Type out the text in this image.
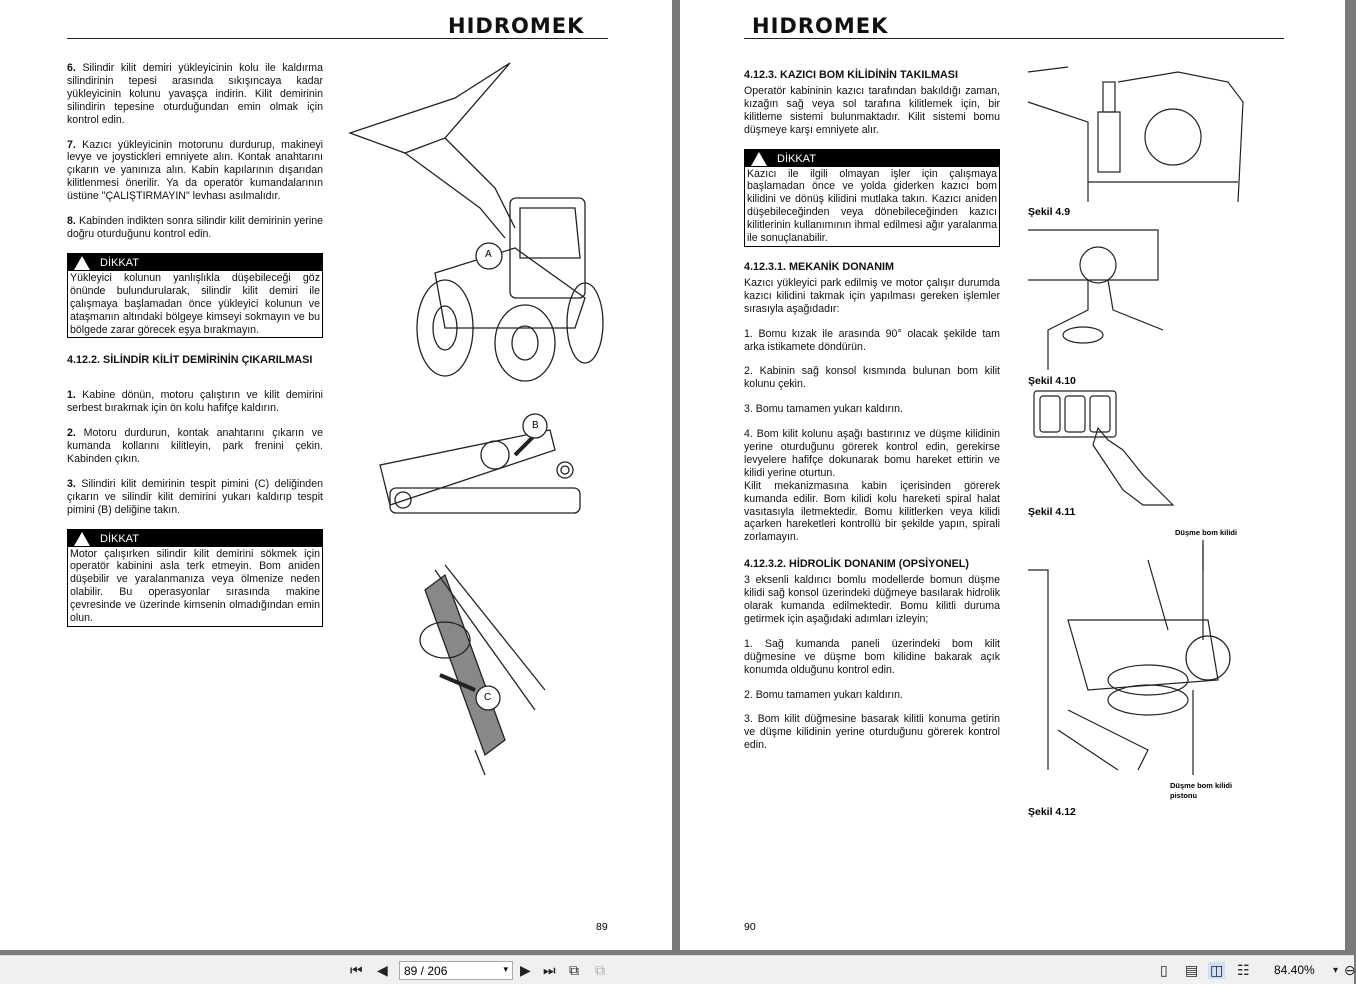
HIDROMEK

6. Silindir kilit demiri yükleyicinin kolu ile kaldırma silindirinin tepesi arasında sıkışıncaya kadar yükleyicinin kolunu yavaşça indirin. Kilit demirinin silindirin tepesine oturduğundan emin olmak için kontrol edin.

7. Kazıcı yükleyicinin motorunu durdurup, makineyi levye ve joystickleri emniyete alın. Kontak anahtarını çıkarın ve yanınıza alın. Kabin kapılarının dışarıdan kilitlenmesi önerilir. Ya da operatör kumandalarının üstüne "ÇALIŞTIRMAYIN" levhası asılmalıdır.

8. Kabinden indikten sonra silindir kilit demirinin yerine doğru oturduğunu kontrol edin.

DİKKAT
Yükleyici kolunun yanlışlıkla düşebileceği göz önünde bulundurularak, silindir kilit demiri ile çalışmaya başlamadan önce yükleyici kolunun ve ataşmanın altındaki bölgeye kimseyi sokmayın ve bu bölgede zarar görecek eşya bırakmayın.
4.12.2. SİLİNDİR KİLİT DEMİRİNİN ÇIKARILMASI

1. Kabine dönün, motoru çalıştırın ve kilit demirini serbest bırakmak için ön kolu hafifçe kaldırın.

2. Motoru durdurun, kontak anahtarını çıkarın ve kumanda kollarını kilitleyin, park frenini çekin. Kabinden çıkın.

3. Silindiri kilit demirinin tespit pimini (C) deliğinden çıkarın ve silindir kilit demirini yukarı kaldırıp tespit pimini (B) deliğine takın.

DİKKAT
Motor çalışırken silindir kilit demirini sökmek için operatör kabinini asla terk etmeyin. Bom aniden düşebilir ve yaralanmanıza veya ölmenize neden olabilir. Bu operasyonlar sırasında makine çevresinde ve üzerinde kimsenin olmadığından emin olun.
A
B
C
89
HIDROMEK
4.12.3. KAZICI BOM KİLİDİNİN TAKILMASI

Operatör kabininin kazıcı tarafından bakıldığı zaman, kızağın sağ veya sol tarafına kilitlemek için, bir kilitleme sistemi bulunmaktadır. Kilit sistemi bomu düşmeye karşı emniyete alır.

DİKKAT
Kazıcı ile ilgili olmayan işler için çalışmaya başlamadan önce ve yolda giderken kazıcı bom kilidini ve dönüş kilidini mutlaka takın. Kazıcı aniden düşebileceğinden veya dönebileceğinden kazıcı kilitlerinin kullanımının ihmal edilmesi ağır yaralanma ile sonuçlanabilir.
4.12.3.1. MEKANİK DONANIM

Kazıcı yükleyici park edilmiş ve motor çalışır durumda kazıcı kilidini takmak için yapılması gereken işlemler sırasıyla aşağıdadır:

1. Bomu kızak ile arasında 90° olacak şekilde tam arka istikamete döndürün.

2. Kabinin sağ konsol kısmında bulunan bom kilit kolunu çekin.

3. Bomu tamamen yukarı kaldırın.

4. Bom kilit kolunu aşağı bastırınız ve düşme kilidinin yerine oturduğunu görerek kontrol edin, gerekirse levyelere hafifçe dokunarak bomu hareket ettirin ve kilidi yerine oturtun.

Kilit mekanizmasına kabin içerisinden görerek kumanda edilir. Bom kilidi kolu hareketi spiral halat vasıtasıyla iletmektedir. Bomu kilitlerken veya kilidi açarken hareketleri kontrollü bir şekilde yapın, spirali zorlamayın.

4.12.3.2. HİDROLİK DONANIM (OPSİYONEL)

3 eksenli kaldırıcı bomlu modellerde bomun düşme kilidi sağ konsol üzerindeki düğmeye basılarak hidrolik olarak kumanda edilmektedir. Bomu kilitli duruma getirmek için aşağıdaki adımları izleyin;

1. Sağ kumanda paneli üzerindeki bom kilit düğmesine ve düşme bom kilidine bakarak açık konumda olduğunu kontrol edin.

2. Bomu tamamen yukarı kaldırın.

3. Bom kilit düğmesine basarak kilitli konuma getirin ve düşme kilidinin yerine oturduğunu görerek kontrol edin.

Şekil 4.9
Şekil 4.10
Şekil 4.11
Düşme bom kilidi
Düşme bom kilidi
pistonu
Şekil 4.12
90
⏮ ◀	89 / 206	▾ ▶ ⏭ ⧉ ⧉	▯ ▤ ◫ ☷ 84.40% ▾ ⊖
